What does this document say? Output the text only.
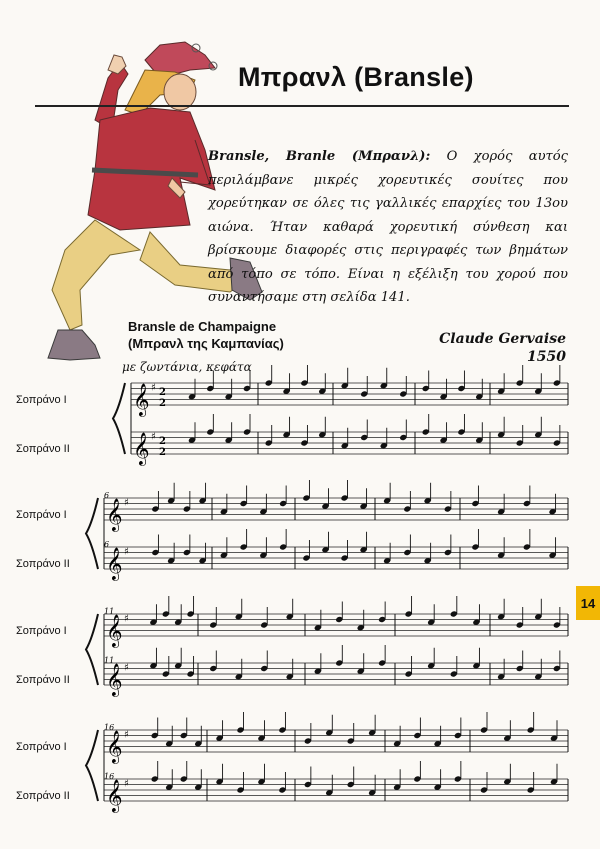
Μπρανλ (Bransle)
Bransle, Branle (Μπρανλ): Ο χορός αυτός περιλάμβανε μικρές χορευτικές σουίτες που χορεύτηκαν σε όλες τις γαλλικές επαρχίες του 13ου αιώνα. Ήταν καθαρά χορευτική σύνθεση και βρίσκουμε διαφορές στις περιγραφές των βημάτων από τόπο σε τόπο. Είναι η εξέλιξη του χορού που συναντήσαμε στη σελίδα 141.
Bransle de Champaigne
(Μπρανλ της Καμπανίας)	Claude Gervaise
1550
με ζωντάνια, κεφάτα
Σοπράνο Ι
Σοπράνο ΙΙ
Σοπράνο Ι
Σοπράνο ΙΙ
Σοπράνο Ι
Σοπράνο ΙΙ
Σοπράνο Ι
Σοπράνο ΙΙ
𝄞 ♯ 2
2
𝄞 ♯ 2
2
𝄞 ♯
𝄞 ♯
𝄞 ♯
𝄞 ♯
𝄞 ♯
𝄞 ♯
6
6
11
11
16
16
14
